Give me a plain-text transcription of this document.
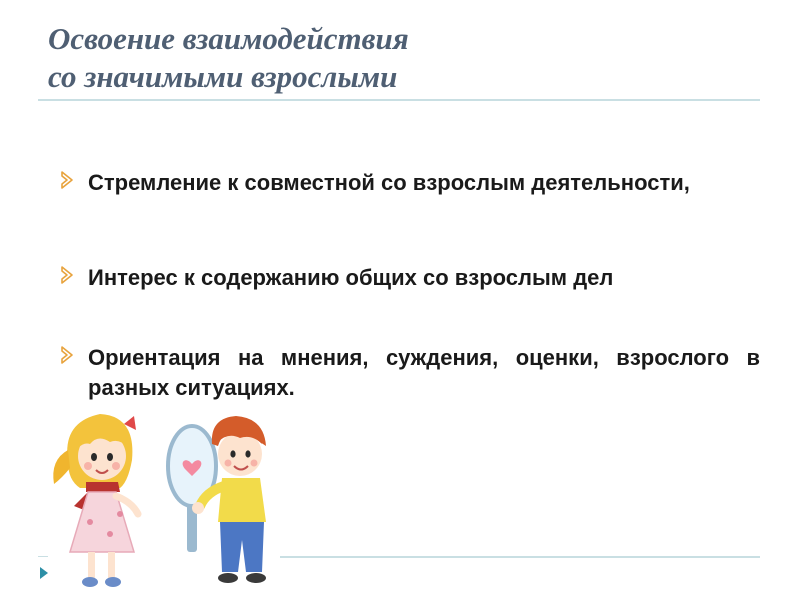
Освоение взаимодействия
со значимыми взрослыми
Стремление к совместной со взрослым деятельности,
Интерес к содержанию общих со взрослым дел
Ориентация на мнения, суждения, оценки, взрослого в разных ситуациях.
